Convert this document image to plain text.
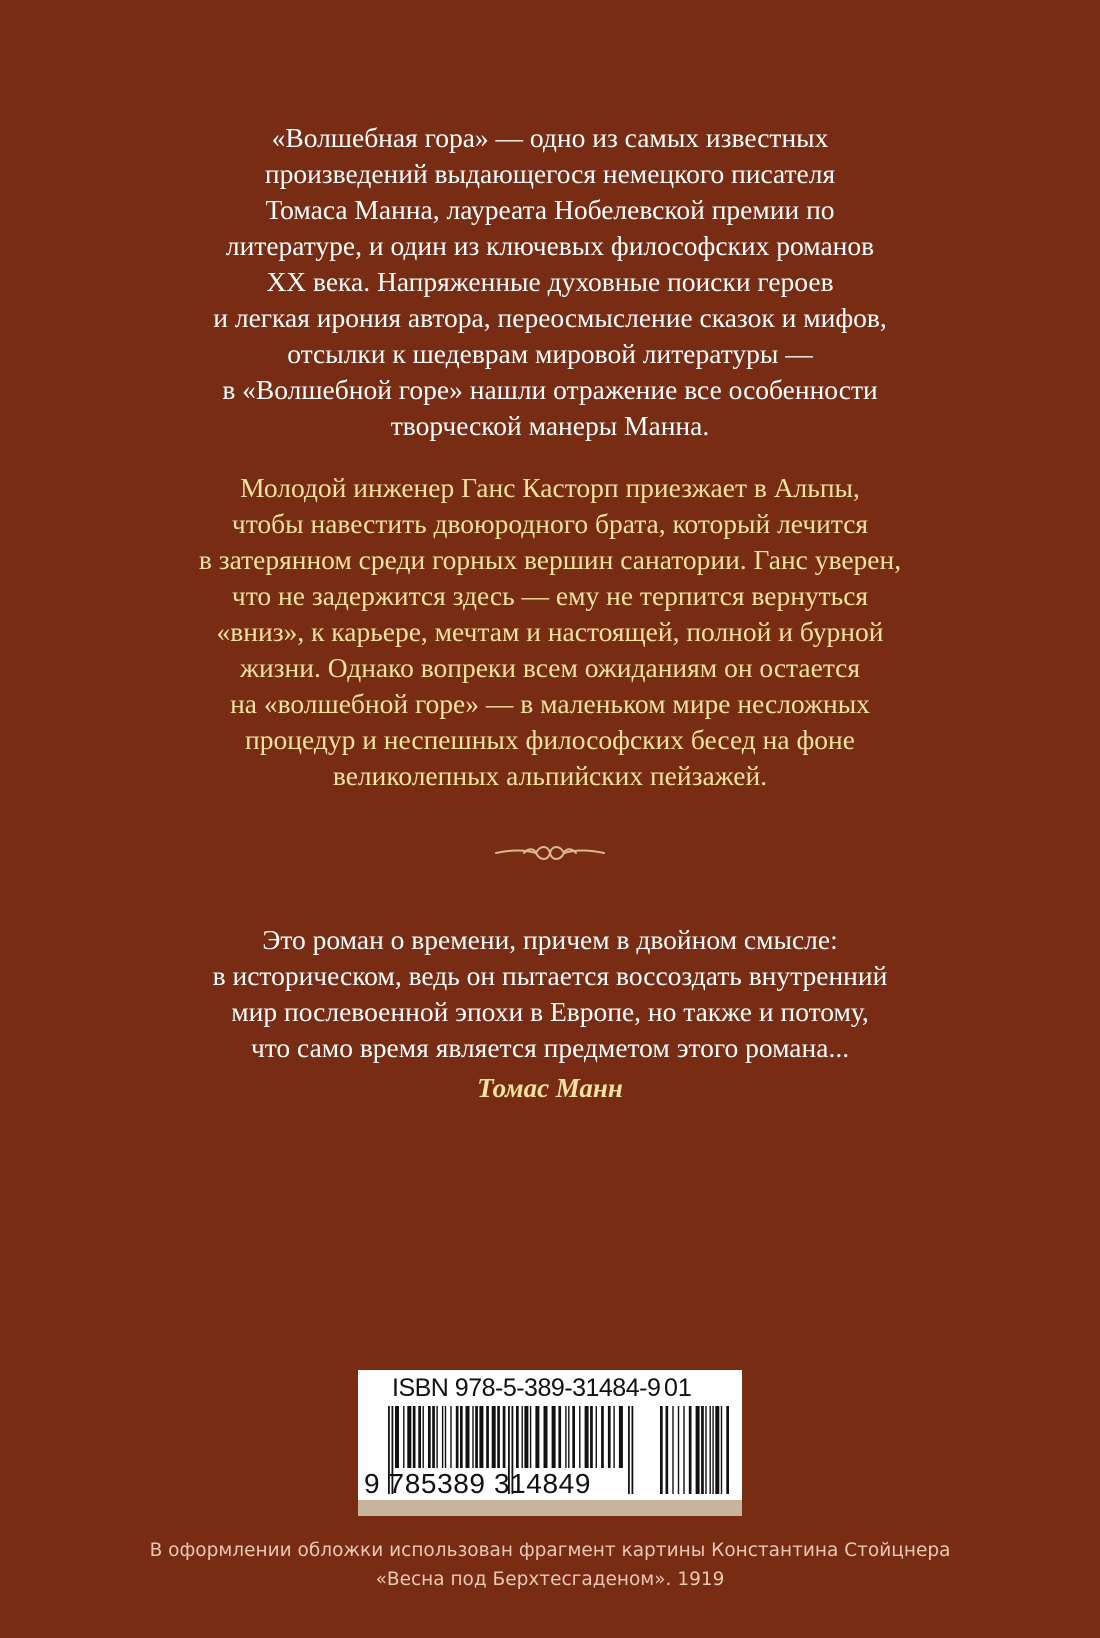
«Волшебная гора» — одно из самых известных
произведений выдающегося немецкого писателя
Томаса Манна, лауреата Нобелевской премии по
литературе, и один из ключевых философских романов
XX века. Напряженные духовные поиски героев
и легкая ирония автора, переосмысление сказок и мифов,
отсылки к шедеврам мировой литературы —
в «Волшебной горе» нашли отражение все особенности
творческой манеры Манна.
Молодой инженер Ганс Касторп приезжает в Альпы,
чтобы навестить двоюродного брата, который лечится
в затерянном среди горных вершин санатории. Ганс уверен,
что не задержится здесь — ему не терпится вернуться
«вниз», к карьере, мечтам и настоящей, полной и бурной
жизни. Однако вопреки всем ожиданиям он остается
на «волшебной горе» — в маленьком мире несложных
процедур и неспешных философских бесед на фоне
великолепных альпийских пейзажей.
Это роман о времени, причем в двойном смысле:
в историческом, ведь он пытается воссоздать внутренний
мир послевоенной эпохи в Европе, но также и потому,
что само время является предметом этого романа...
Томас Манн
ISBN 978-5-389-31484-9 01
9 785389 314849
В оформлении обложки использован фрагмент картины Константина Стойцнера
«Весна под Берхтесгаденом». 1919
